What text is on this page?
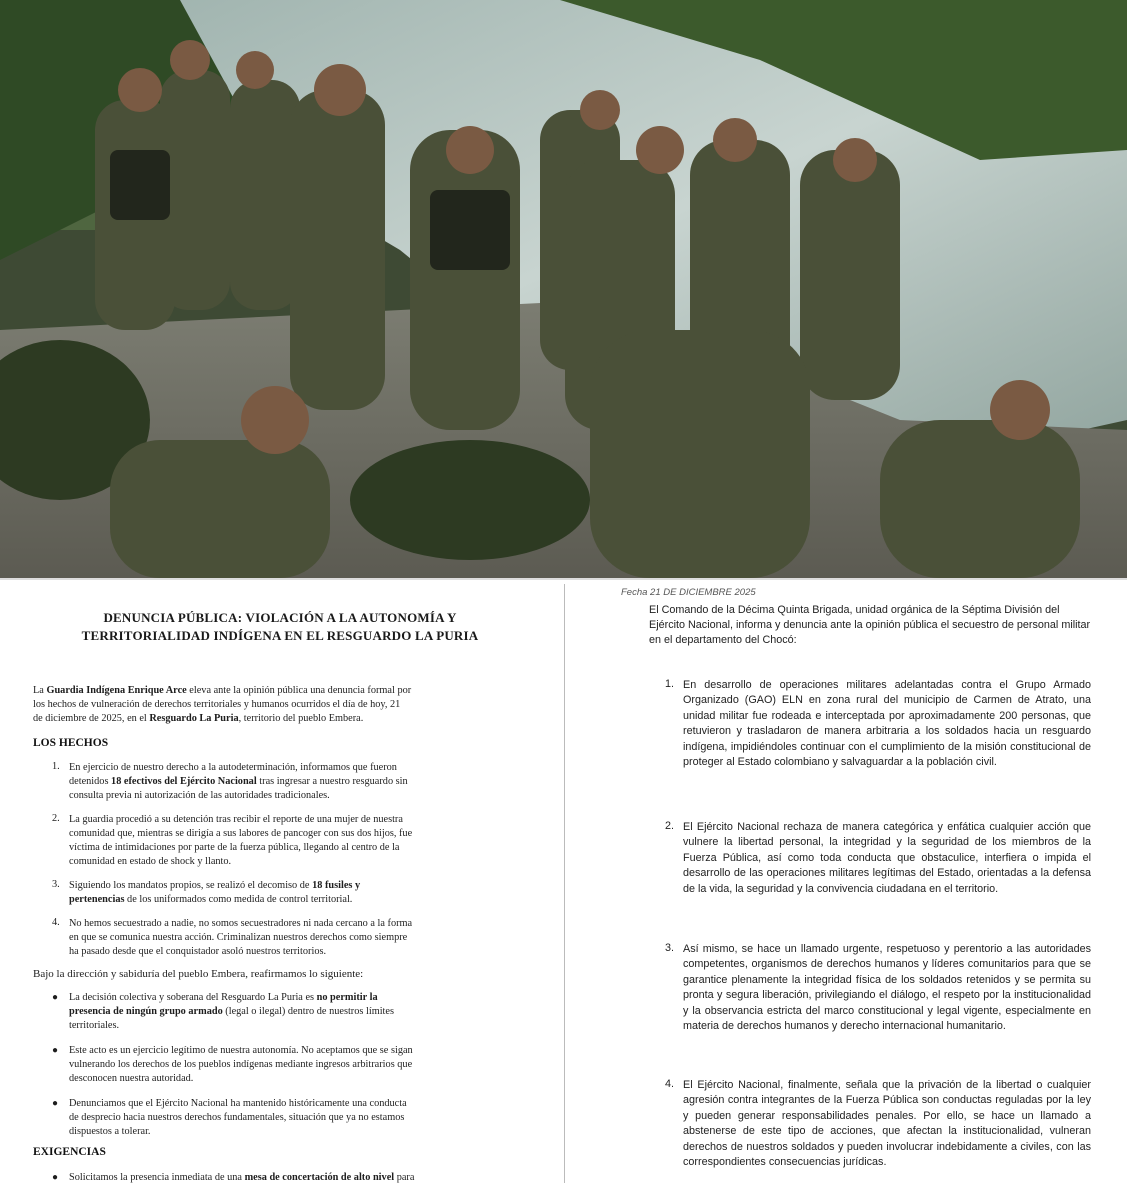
DENUNCIA PÚBLICA: VIOLACIÓN A LA AUTONOMÍA Y
TERRITORIALIDAD INDÍGENA EN EL RESGUARDO LA PURIA
La Guardia Indígena Enrique Arce eleva ante la opinión pública una denuncia formal por
los hechos de vulneración de derechos territoriales y humanos ocurridos el día de hoy, 21
de diciembre de 2025, en el Resguardo La Puria, territorio del pueblo Embera.
LOS HECHOS
1. En ejercicio de nuestro derecho a la autodeterminación, informamos que fueron
detenidos 18 efectivos del Ejército Nacional tras ingresar a nuestro resguardo sin
consulta previa ni autorización de las autoridades tradicionales.
2. La guardia procedió a su detención tras recibir el reporte de una mujer de nuestra
comunidad que, mientras se dirigía a sus labores de pancoger con sus dos hijos, fue
víctima de intimidaciones por parte de la fuerza pública, llegando al centro de la
comunidad en estado de shock y llanto.
3. Siguiendo los mandatos propios, se realizó el decomiso de 18 fusiles y
pertenencias de los uniformados como medida de control territorial.
4. No hemos secuestrado a nadie, no somos secuestradores ni nada cercano a la forma
en que se comunica nuestra acción. Criminalizan nuestros derechos como siempre
ha pasado desde que el conquistador asoló nuestros territorios.
Bajo la dirección y sabiduría del pueblo Embera, reafirmamos lo siguiente:
● La decisión colectiva y soberana del Resguardo La Puria es no permitir la
presencia de ningún grupo armado (legal o ilegal) dentro de nuestros límites
territoriales.
● Este acto es un ejercicio legítimo de nuestra autonomía. No aceptamos que se sigan
vulnerando los derechos de los pueblos indígenas mediante ingresos arbitrarios que
desconocen nuestra autoridad.
● Denunciamos que el Ejército Nacional ha mantenido históricamente una conducta
de desprecio hacia nuestros derechos fundamentales, situación que ya no estamos
dispuestos a tolerar.
EXIGENCIAS
● Solicitamos la presencia inmediata de una mesa de concertación de alto nivel para
Fecha 21 DE DICIEMBRE 2025
El Comando de la Décima Quinta Brigada, unidad orgánica de la Séptima División del Ejército Nacional, informa y denuncia ante la opinión pública el secuestro de personal militar en el departamento del Chocó:
1. En desarrollo de operaciones militares adelantadas contra el Grupo Armado Organizado (GAO) ELN en zona rural del municipio de Carmen de Atrato, una unidad militar fue rodeada e interceptada por aproximadamente 200 personas, que retuvieron y trasladaron de manera arbitraria a los soldados hacia un resguardo indígena, impidiéndoles continuar con el cumplimiento de la misión constitucional de proteger al Estado colombiano y salvaguardar a la población civil.
2. El Ejército Nacional rechaza de manera categórica y enfática cualquier acción que vulnere la libertad personal, la integridad y la seguridad de los miembros de la Fuerza Pública, así como toda conducta que obstaculice, interfiera o impida el desarrollo de las operaciones militares legítimas del Estado, orientadas a la defensa de la vida, la seguridad y la convivencia ciudadana en el territorio.
3. Así mismo, se hace un llamado urgente, respetuoso y perentorio a las autoridades competentes, organismos de derechos humanos y líderes comunitarios para que se garantice plenamente la integridad física de los soldados retenidos y se permita su pronta y segura liberación, privilegiando el diálogo, el respeto por la institucionalidad y la observancia estricta del marco constitucional y legal vigente, especialmente en materia de derechos humanos y derecho internacional humanitario.
4. El Ejército Nacional, finalmente, señala que la privación de la libertad o cualquier agresión contra integrantes de la Fuerza Pública son conductas reguladas por la ley y pueden generar responsabilidades penales. Por ello, se hace un llamado a abstenerse de este tipo de acciones, que afectan la institucionalidad, vulneran derechos de nuestros soldados y pueden involucrar indebidamente a civiles, con las correspondientes consecuencias jurídicas.
